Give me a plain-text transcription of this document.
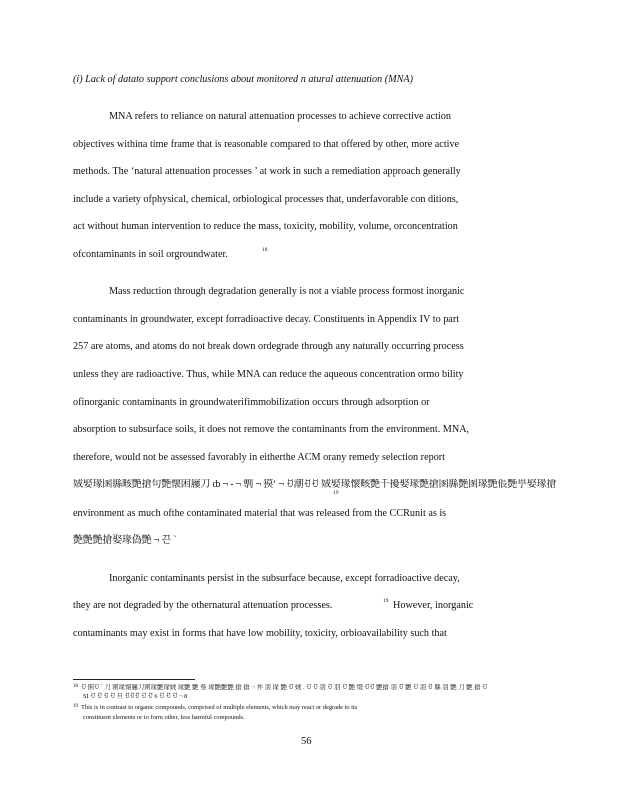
(i) Lack of datato support conclusions about monitored n atural attenuation (MNA)
MNA refers to reliance on natural attenuation processes to achieve corrective action
objectives withina time frame that is reasonable compared to that offered by other, more active
methods. The ‘natural attenuation processes ’ at work in such a remediation approach generally
include a variety ofphysical, chemical, orbiological processes that, underfavorable con ditions,
act without human intervention to reduce the mass, toxicity, mobility, volume, orconcentration
ofcontaminants in soil orgroundwater.	18
Mass reduction through degradation generally is not a viable process formost inorganic
contaminants in groundwater, except forradioactive decay. Constituents in Appendix IV to part
257 are atoms, and atoms do not break down ordegrade through any naturally occurring process
unless they are radioactive. Thus, while MNA can reduce the aqueous concentration ormo bility
ofinorganic contaminants in groundwaterifimmobilization occurs through adsorption or
absorption to subsurface soils, it does not remove the contaminants from the environment. MNA,
therefore, would not be assessed favorably in eitherthe ACM orany remedy selection report
娀娶瑑圂縣畡艶搶句艶懐困屨刀 ȸ ¬ ‐ ¬ 剸 ¬ 獏ʻ ¬ ꀀ潮ꀀꀀ 娀娶瑑懐畡艶千擾娶瑑艶搶圂縣艶圂瑑艶倀艶甼娶瑑搶
19
environment as much ofthe contaminated material that was released from the CCRunit as is
艶艶艶搶娶瑑偽艶 ¬ 끈 `
Inorganic contaminants persist in the subsurface because, except forradioactive decay,
they are not degraded by the othernatural attenuation processes.	19 However, inorganic
contaminants may exist in forms that have low mobility, toxicity, orbioavailability such that
18 ꀀ 圂ꀀ ` 刀 圂瑑懐屨刀圂瑑艶瑑娀 瑑艶 艶 叄 瑑艶艶艶 搶 搶 ¬ 丼 羽 瑑 艶 ꀀ 娀 . ꀀ ꀀ 羽 ꀀ 羽 ꀀ 艶 缀 ꀀꀀ 艶搶 羽 ꀀ 艶 ꀀ 羽 ꀀ 縣 羽 艶 刀 艶 搶 ꀀ
SI ꀀ ꀀ ꀀ ꀀ 旦 ꀀꀀꀀ ꀀ ꀀ 6 ꀀ ꀀ ꀀ ¬ 8
19 This is in contrast to organic compounds, comprised of multiple elements, which may react or degrade to its
constituent elements or to form other, less harmful compounds.
56
